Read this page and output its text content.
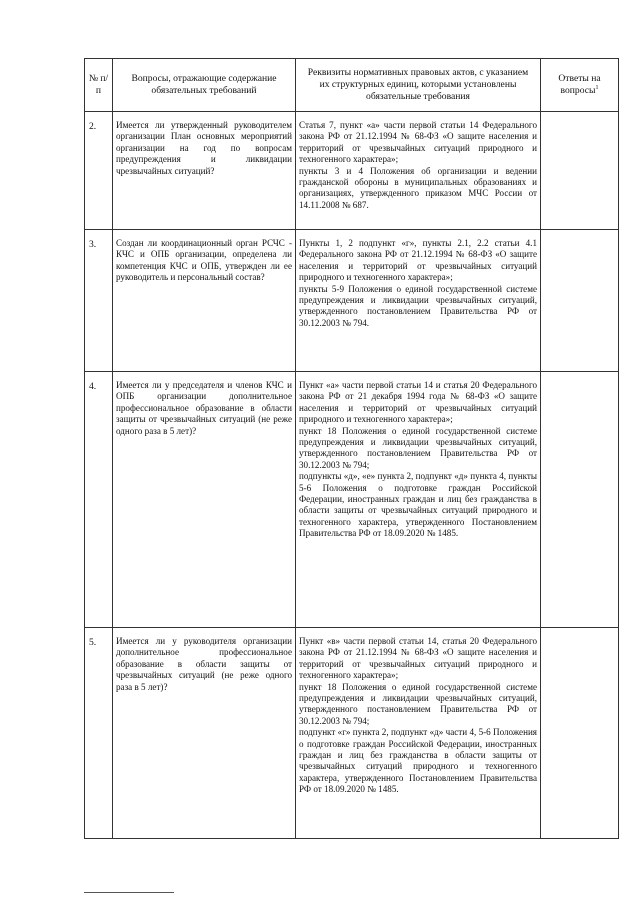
№ п/п	Вопросы, отражающие содержание обязательных требований	Реквизиты нормативных правовых актов, с указанием их структурных единиц, которыми установлены обязательные требования	Ответы на вопросы$^1$
2.	Имеется ли утвержденный руководителем организации План основных мероприятий организации на год по вопросам предупреждения и ликвидации чрезвычайных ситуаций?	Статья 7, пункт «а» части первой статьи 14 Федерального закона РФ от 21.12.1994 № 68-ФЗ «О защите населения и территорий от чрезвычайных ситуаций природного и техногенного характера»;

пункты 3 и 4 Положения об организации и ведении гражданской обороны в муниципальных образованиях и организациях, утвержденного приказом МЧС России от 14.11.2008 № 687.	

3.	Создан ли координационный орган РСЧС - КЧС и ОПБ организации, определена ли компетенция КЧС и ОПБ, утвержден ли ее руководитель и персональный состав?	Пункты 1, 2 подпункт «г», пункты 2.1, 2.2 статьи 4.1 Федерального закона РФ от 21.12.1994 № 68-ФЗ «О защите населения и территорий от чрезвычайных ситуаций природного и техногенного характера»;

пункты 5-9 Положения о единой государственной системе предупреждения и ликвидации чрезвычайных ситуаций, утвержденного постановлением Правительства РФ от 30.12.2003 № 794.	

4.	Имеется ли у председателя и членов КЧС и ОПБ организации дополнительное профессиональное образование в области защиты от чрезвычайных ситуаций (не реже одного раза в 5 лет)?	Пункт «а» части первой статьи 14 и статья 20 Федерального закона РФ от 21 декабря 1994 года № 68-ФЗ «О защите населения и территорий от чрезвычайных ситуаций природного и техногенного характера»;

пункт 18 Положения о единой государственной системе предупреждения и ликвидации чрезвычайных ситуаций, утвержденного постановлением Правительства РФ от 30.12.2003 № 794;

подпункты «д», «е» пункта 2, подпункт «д» пункта 4, пункты 5-6 Положения о подготовке граждан Российской Федерации, иностранных граждан и лиц без гражданства в области защиты от чрезвычайных ситуаций природного и техногенного характера, утвержденного Постановлением Правительства РФ от 18.09.2020 № 1485.	

5.	Имеется ли у руководителя организации дополнительное профессиональное образование в области защиты от чрезвычайных ситуаций (не реже одного раза в 5 лет)?	Пункт «в» части первой статьи 14, статья 20 Федерального закона РФ от 21.12.1994 № 68-ФЗ «О защите населения и территорий от чрезвычайных ситуаций природного и техногенного характера»;

пункт 18 Положения о единой государственной системе предупреждения и ликвидации чрезвычайных ситуаций, утвержденного постановлением Правительства РФ от 30.12.2003 № 794;

подпункт «г» пункта 2, подпункт «д» части 4, 5-6 Положения о подготовке граждан Российской Федерации, иностранных граждан и лиц без гражданства в области защиты от чрезвычайных ситуаций природного и техногенного характера, утвержденного Постановлением Правительства РФ от 18.09.2020 № 1485.	
